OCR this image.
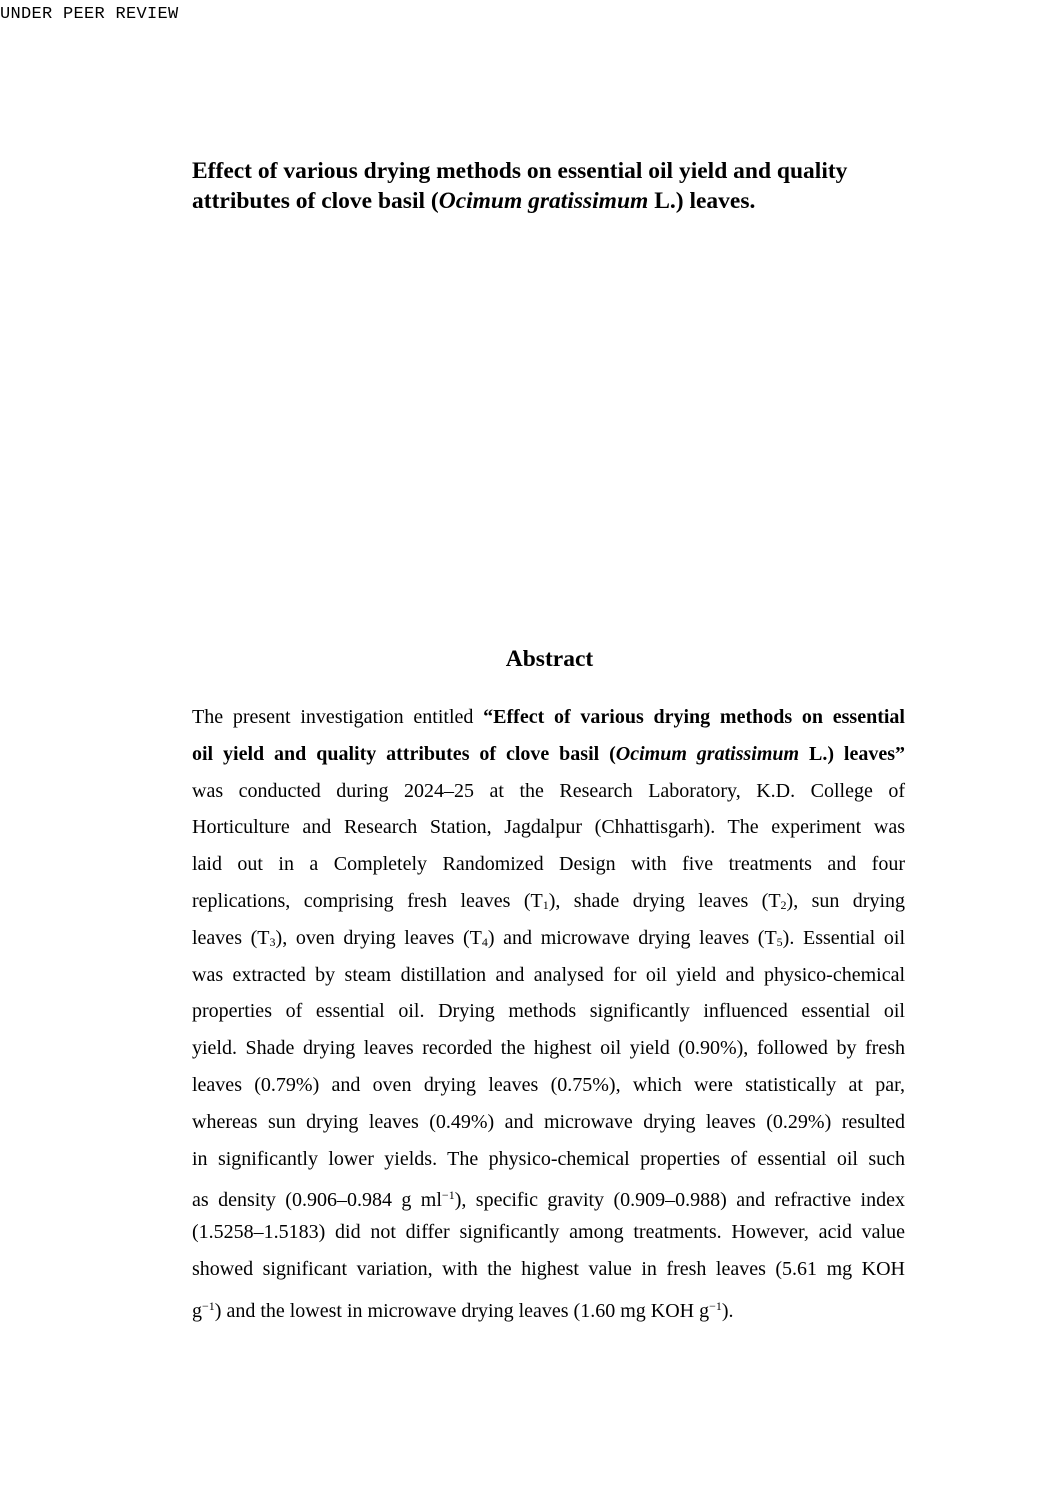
UNDER PEER REVIEW
Effect of various drying methods on essential oil yield and quality
attributes of clove basil (Ocimum gratissimum L.) leaves.
Abstract
The present investigation entitled “Effect of various drying methods on essential
oil yield and quality attributes of clove basil (Ocimum gratissimum L.) leaves”
was conducted during 2024–25 at the Research Laboratory, K.D. College of
Horticulture and Research Station, Jagdalpur (Chhattisgarh). The experiment was
laid out in a Completely Randomized Design with five treatments and four
replications, comprising fresh leaves (T1), shade drying leaves (T2), sun drying
leaves (T3), oven drying leaves (T4) and microwave drying leaves (T5). Essential oil
was extracted by steam distillation and analysed for oil yield and physico-chemical
properties of essential oil. Drying methods significantly influenced essential oil
yield. Shade drying leaves recorded the highest oil yield (0.90%), followed by fresh
leaves (0.79%) and oven drying leaves (0.75%), which were statistically at par,
whereas sun drying leaves (0.49%) and microwave drying leaves (0.29%) resulted
in significantly lower yields. The physico-chemical properties of essential oil such
as density (0.906–0.984 g $ml^{-1}$), specific gravity (0.909–0.988) and refractive index
(1.5258–1.5183) did not differ significantly among treatments. However, acid value
showed significant variation, with the highest value in fresh leaves (5.61 mg KOH
$g^{-1}$) and the lowest in microwave drying leaves (1.60 mg KOH $g^{-1}$).
